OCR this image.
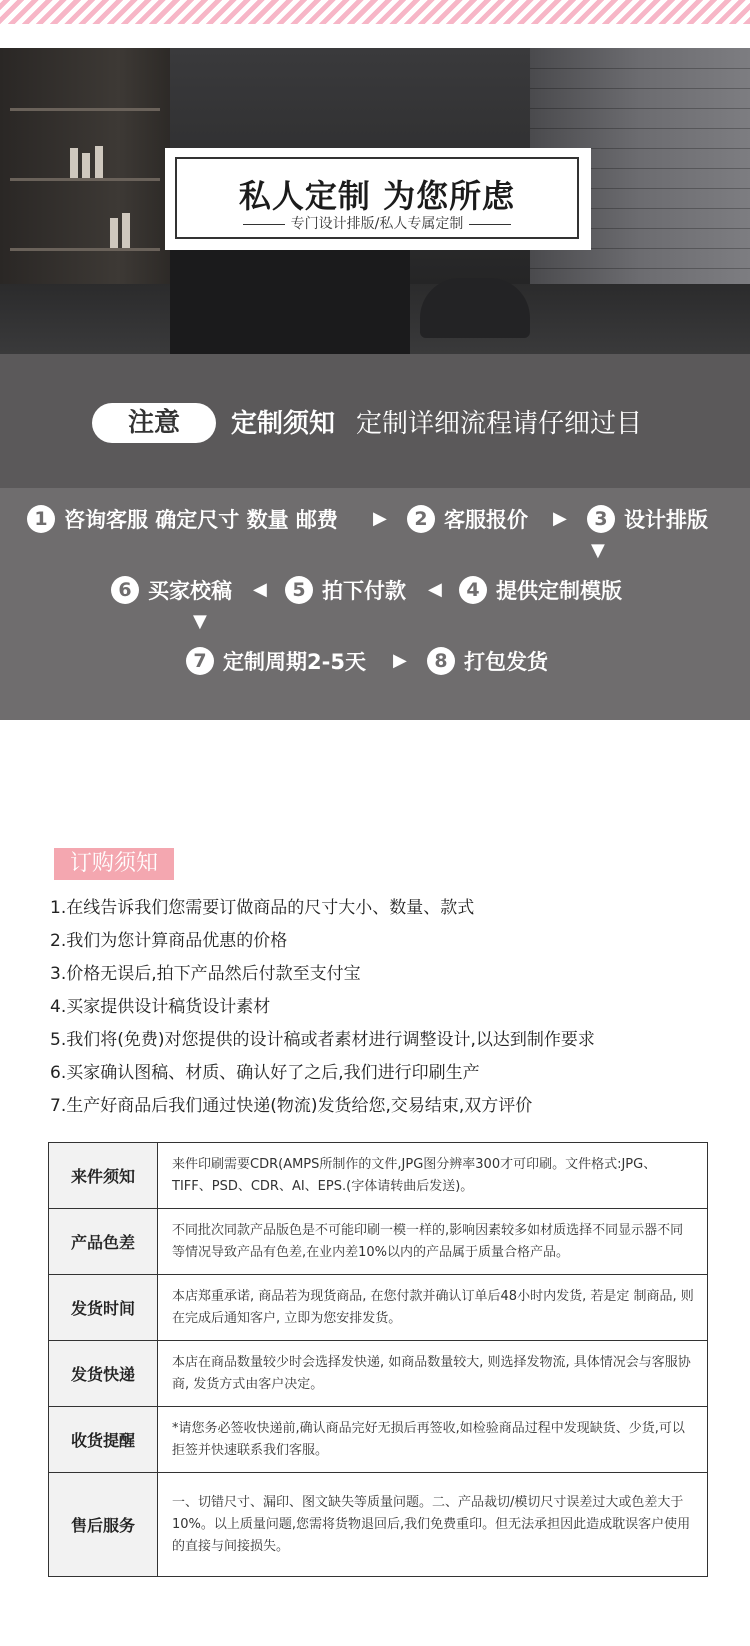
私人定制 为您所虑
专门设计排版/私人专属定制
注意	定制须知 定制详细流程请仔细过目
1 咨询客服 确定尺寸 数量 邮费 ▶	2 客服报价 ▶	3 设计排版
▼
6 买家校稿 ◀	5 拍下付款 ◀	4 提供定制模版
▼
7 定制周期2-5天 ▶	8 打包发货
订购须知
1.在线告诉我们您需要订做商品的尺寸大小、数量、款式
2.我们为您计算商品优惠的价格
3.价格无误后,拍下产品然后付款至支付宝
4.买家提供设计稿货设计素材
5.我们将(免费)对您提供的设计稿或者素材进行调整设计,以达到制作要求
6.买家确认图稿、材质、确认好了之后,我们进行印刷生产
7.生产好商品后我们通过快递(物流)发货给您,交易结束,双方评价
来件须知	来件印刷需要CDR(AMPS所制作的文件,JPG图分辨率300才可印刷。文件格式:JPG、TIFF、PSD、CDR、AI、EPS.(字体请转曲后发送)。
产品色差	不同批次同款产品版色是不可能印刷一模一样的,影响因素较多如材质选择不同显示器不同等情况导致产品有色差,在业内差10%以内的产品属于质量合格产品。
发货时间	本店郑重承诺, 商品若为现货商品, 在您付款并确认订单后48小时内发货, 若是定 制商品, 则在完成后通知客户, 立即为您安排发货。
发货快递	本店在商品数量较少时会选择发快递, 如商品数量较大, 则选择发物流, 具体情况会与客服协商, 发货方式由客户决定。
收货提醒	*请您务必签收快递前,确认商品完好无损后再签收,如检验商品过程中发现缺货、少货,可以拒签并快速联系我们客服。
售后服务	一、切错尺寸、漏印、图文缺失等质量问题。二、产品裁切/模切尺寸误差过大或色差大于10%。以上质量问题,您需将货物退回后,我们免费重印。但无法承担因此造成耽误客户使用的直接与间接损失。
